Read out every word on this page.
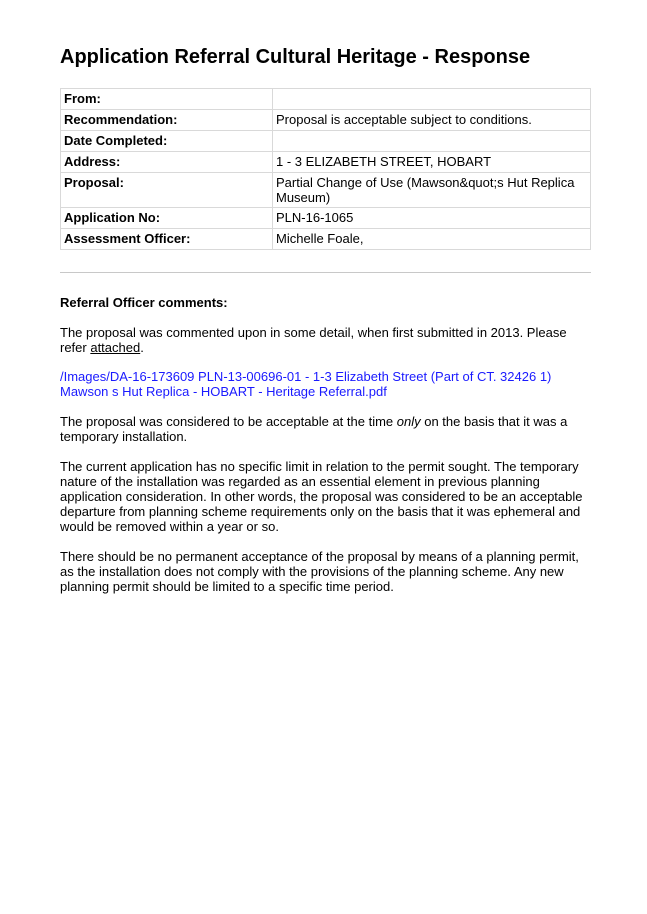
Application Referral Cultural Heritage - Response
From:	
Recommendation:	Proposal is acceptable subject to conditions.
Date Completed:	
Address:	1 - 3 ELIZABETH STREET, HOBART
Proposal:	Partial Change of Use (Mawson&quot;s Hut Replica Museum)
Application No:	PLN-16-1065
Assessment Officer:	Michelle Foale,
Referral Officer comments:
The proposal was commented upon in some detail, when first submitted in 2013. Please refer attached.
/Images/DA-16-173609 PLN-13-00696-01 - 1-3 Elizabeth Street (Part of CT. 32426 1)
Mawson s Hut Replica - HOBART - Heritage Referral.pdf
The proposal was considered to be acceptable at the time only on the basis that it was a temporary installation.
The current application has no specific limit in relation to the permit sought. The temporary nature of the installation was regarded as an essential element in previous planning application consideration. In other words, the proposal was considered to be an acceptable departure from planning scheme requirements only on the basis that it was ephemeral and would be removed within a year or so.
There should be no permanent acceptance of the proposal by means of a planning permit, as the installation does not comply with the provisions of the planning scheme. Any new planning permit should be limited to a specific time period.
